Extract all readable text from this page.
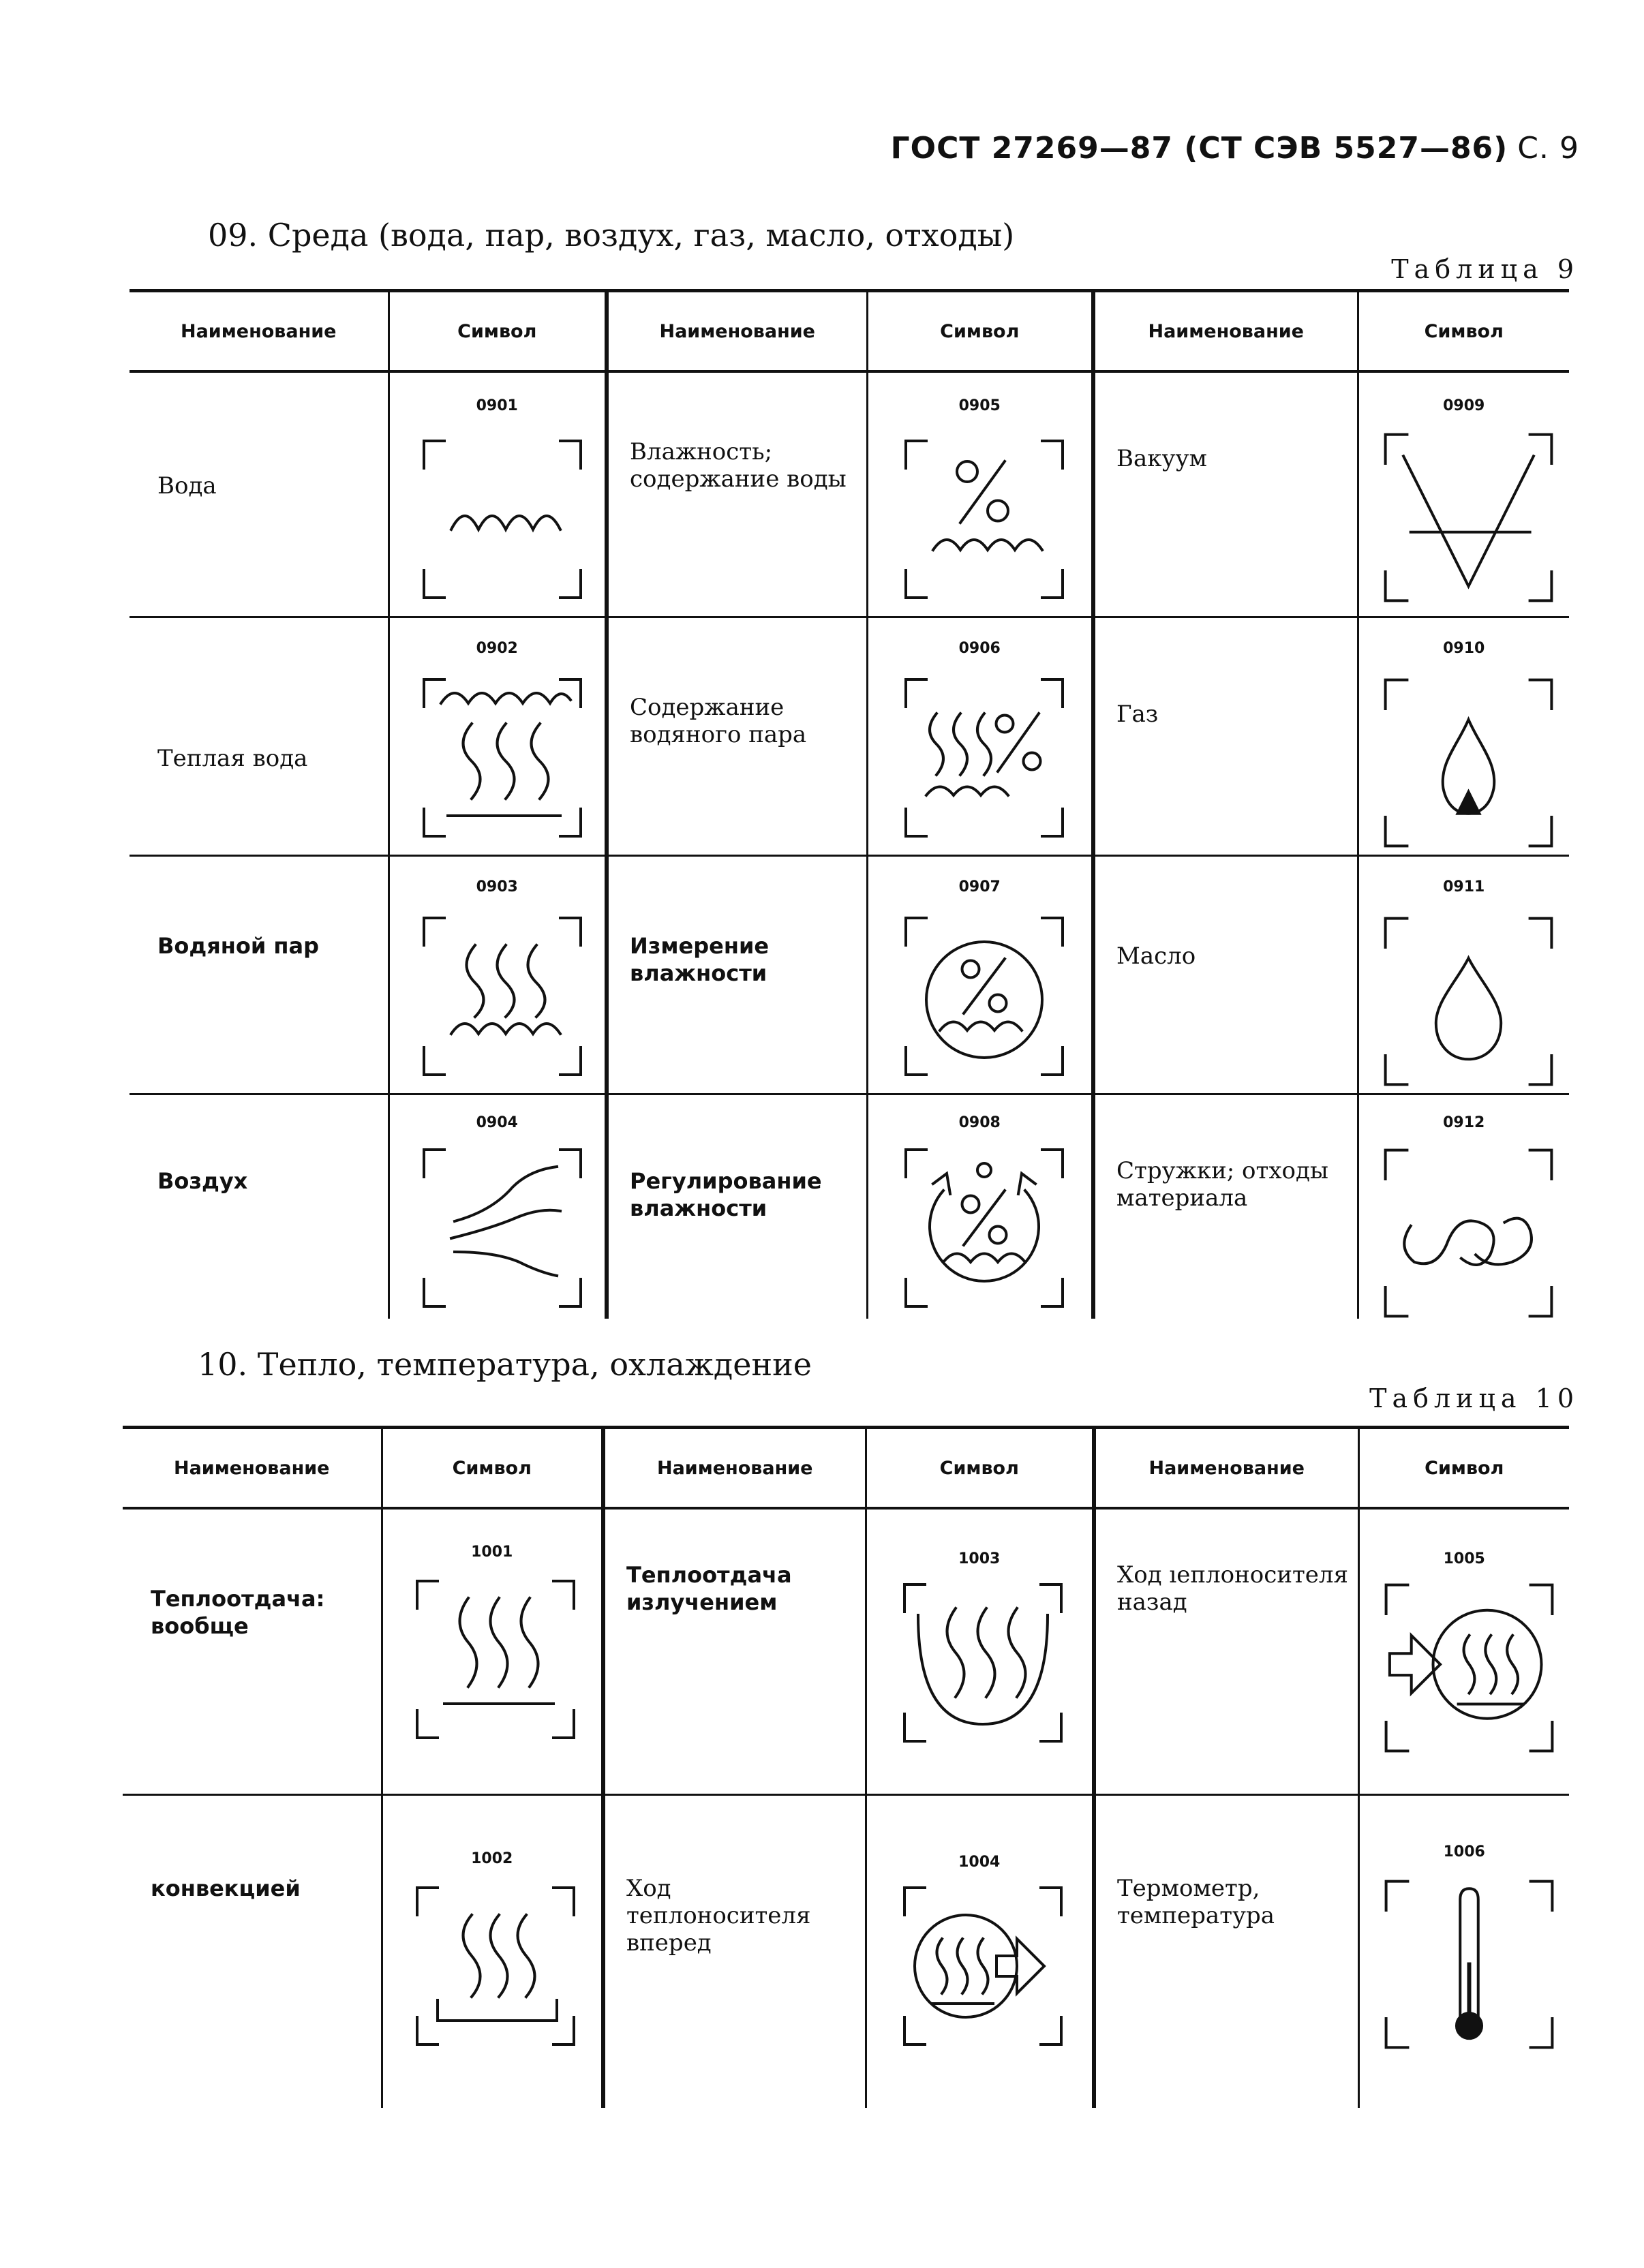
ГОСТ 27269—87 (СТ СЭВ 5527—86) С. 9
09. Среда (вода, пар, воздух, газ, масло, отходы)
Таблица 9
Наименование	Символ	Наименование	Символ	Наименование	Символ

Вода	0901	Влажность; содержание воды	0905	Вакуум	0909

Теплая вода	0902	Содержание водяного пара	0906	Газ	0910

Водяной пар	0903	Измерение влажности	0907	Масло	0911

Воздух	0904	Регулирование влажности	0908	Стружки; отходы материала	0912
10. Тепло, температура, охлаждение
Таблица 10
Наименование	Символ	Наименование	Символ	Наименование	Символ

Теплоотдача: вообще	1001	Теплоотдача излучением	1003	Ход ıеплоносителя назад	1005

конвекцией	1002	Ход теплоносителя вперед	1004	Термометр, температура	1006
